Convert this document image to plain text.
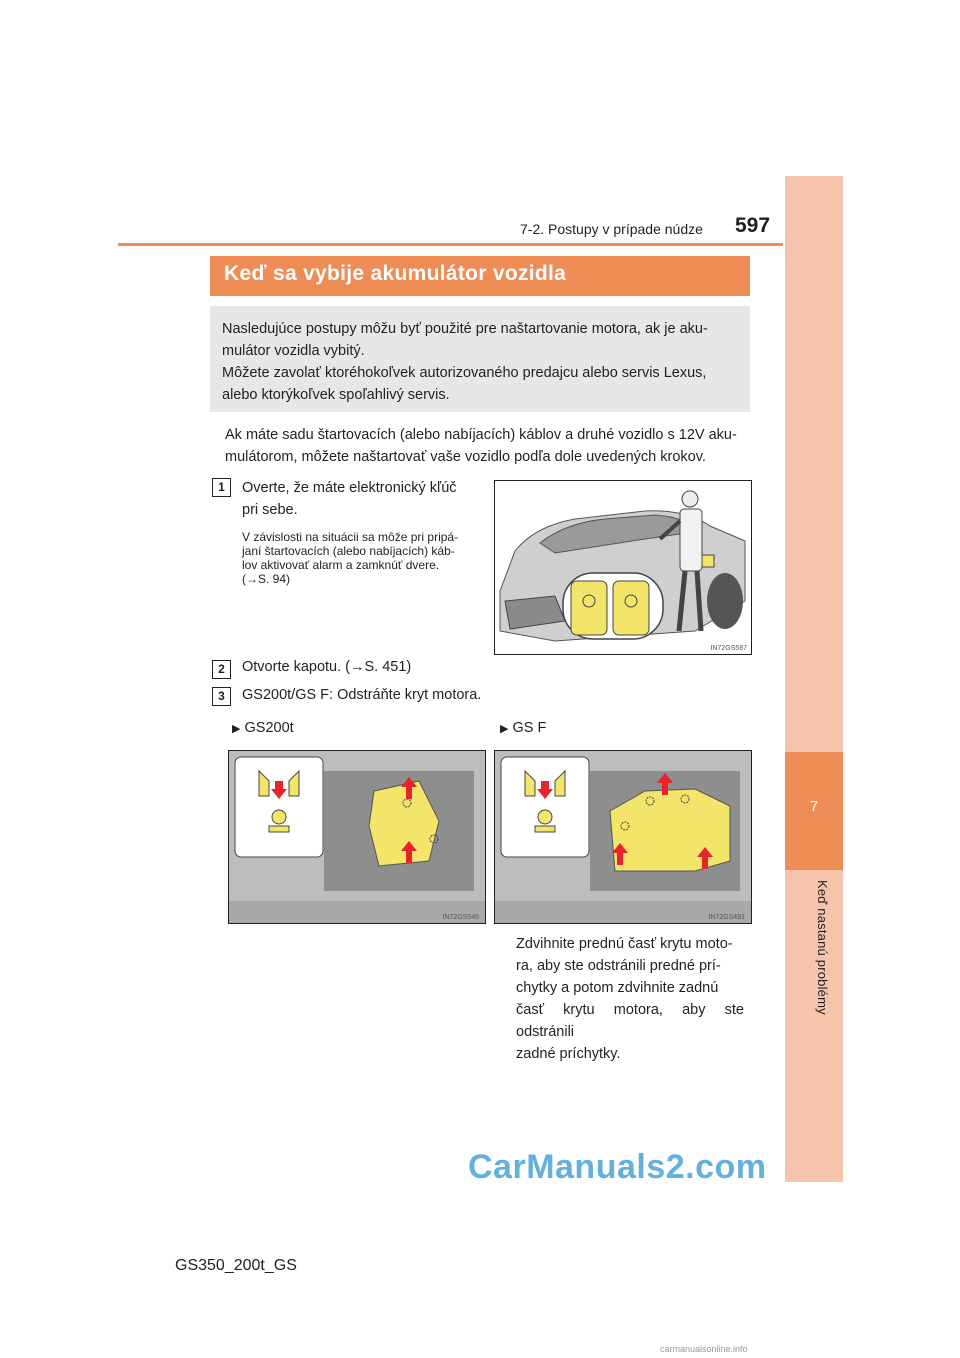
7
Keď nastanú problémy
7-2. Postupy v prípade núdze 597
Keď sa vybije akumulátor vozidla
Nasledujúce postupy môžu byť použité pre naštartovanie motora, ak je aku-
mulátor vozidla vybitý.
Môžete zavolať ktoréhokoľvek autorizovaného predajcu alebo servis Lexus,
alebo ktorýkoľvek spoľahlivý servis.
Ak máte sadu štartovacích (alebo nabíjacích) káblov a druhé vozidlo s 12V aku-
mulátorom, môžete naštartovať vaše vozidlo podľa dole uvedených krokov.
1	Overte, že máte elektronický kľúč
pri sebe.
V závislosti na situácii sa môže pri pripá-
janí štartovacích (alebo nabíjacích) káb-
lov aktivovať alarm a zamknúť dvere.
(→S. 94)
IN72GS587
2	Otvorte kapotu. (→S. 451)
3	GS200t/GS F: Odstráňte kryt motora.
▶ GS200t	▶ GS F
IN72GS546	IN72GS491
Zdvihnite prednú časť krytu moto-
ra, aby ste odstránili predné prí-
chytky a potom zdvihnite zadnú
časť krytu motora, aby ste odstránili
zadné príchytky.
CarManuals2.com
carmanualsonline.info
GS350_200t_GS
